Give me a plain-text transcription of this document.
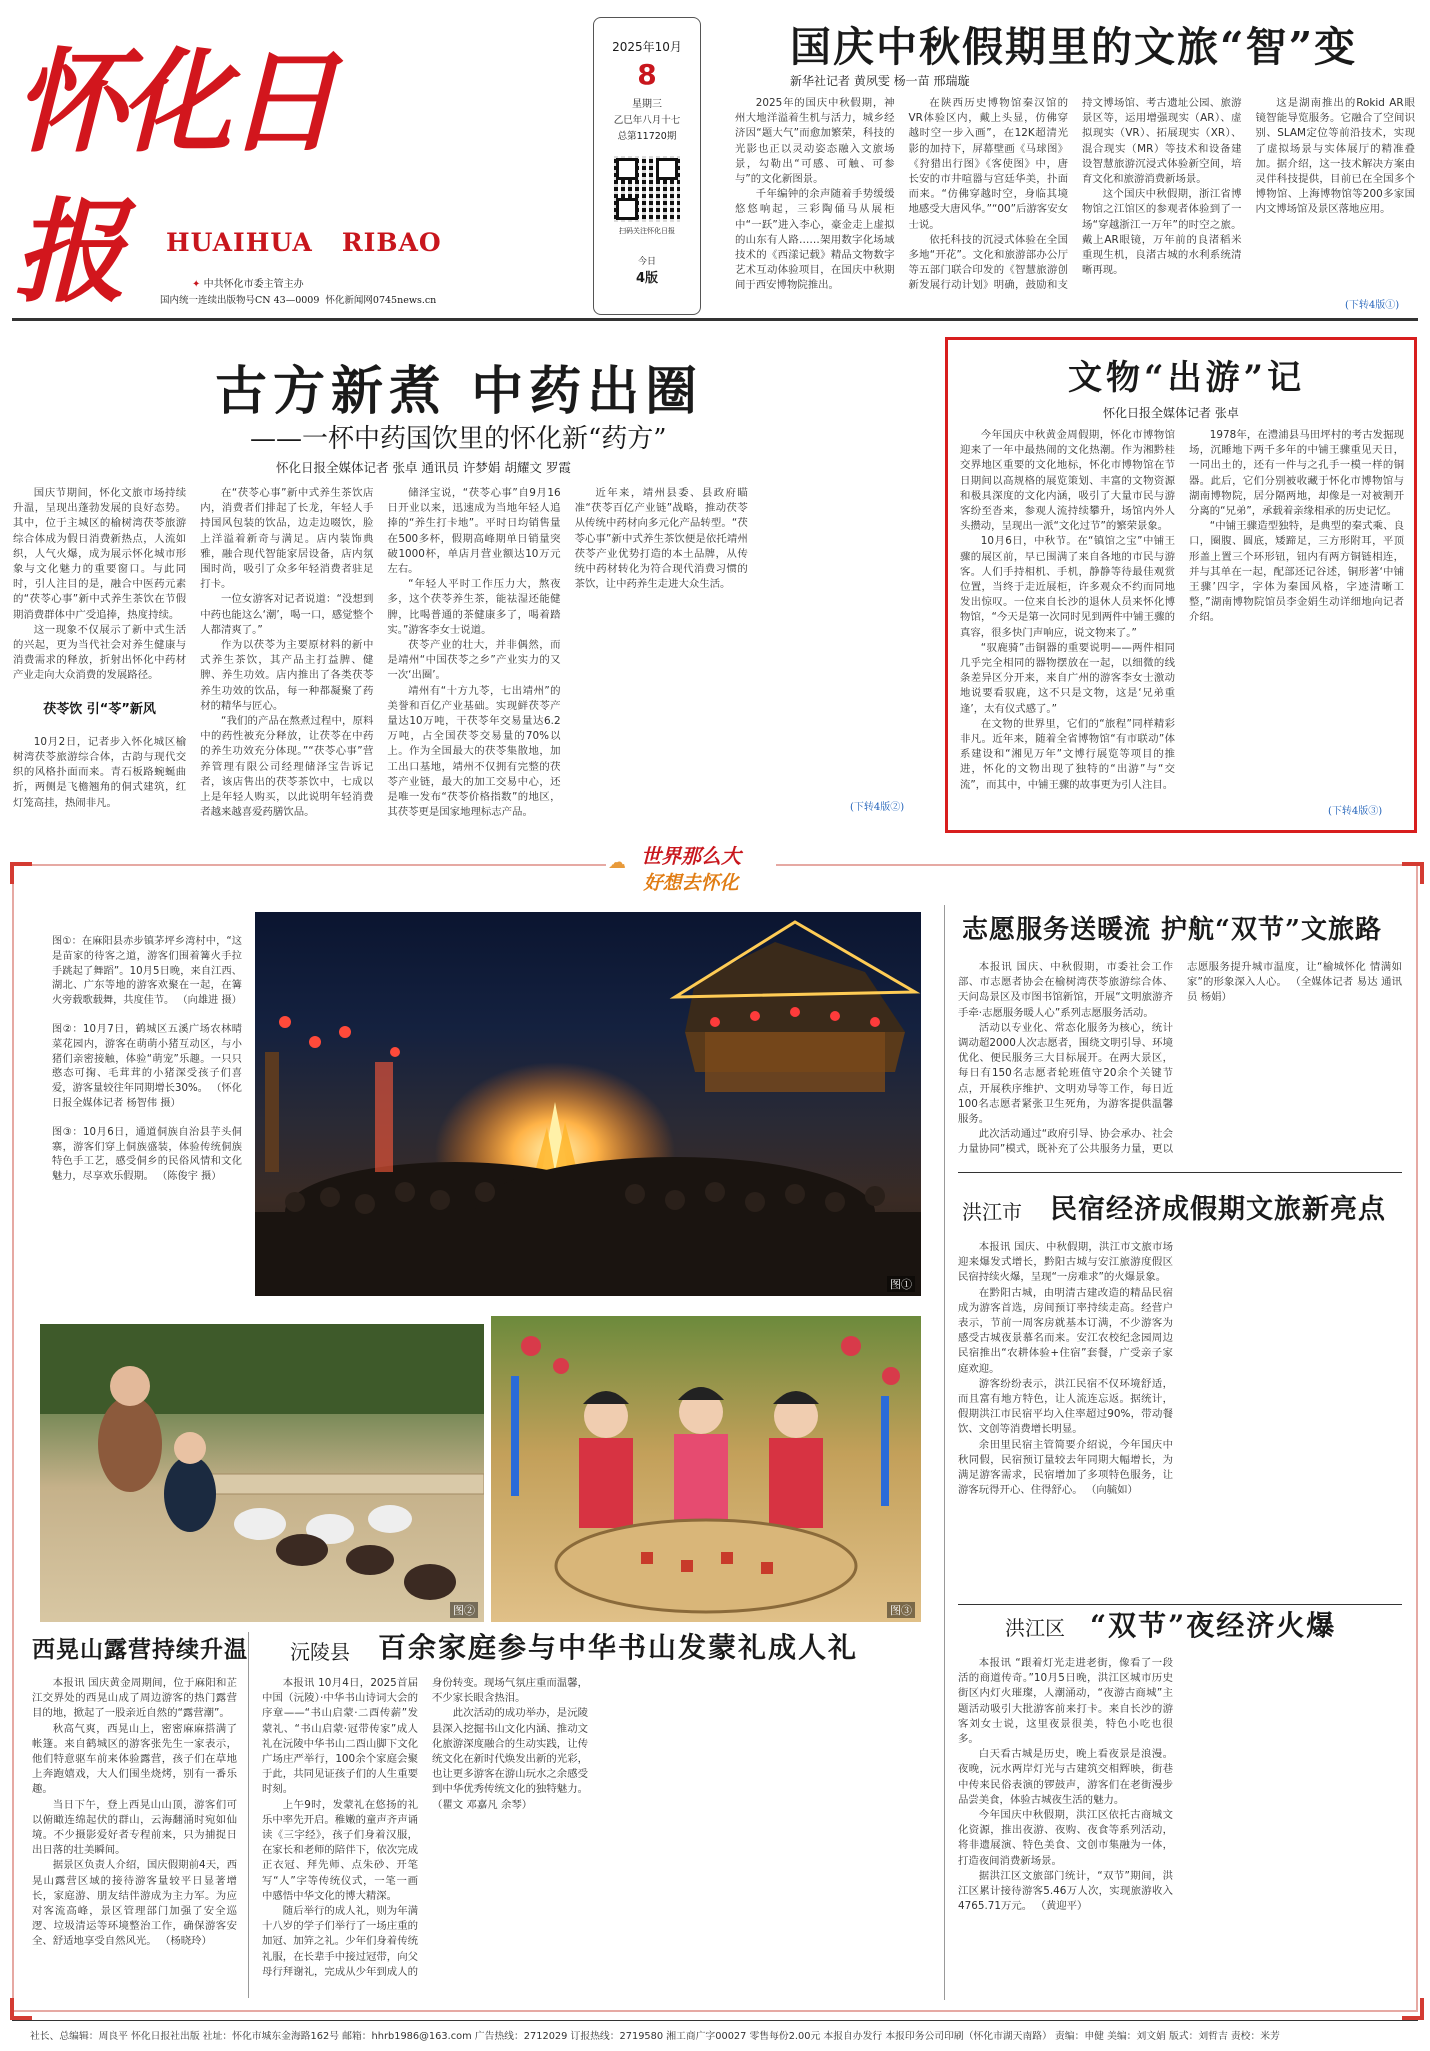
怀化日报	HUAIHUA   RIBAO
✦ 中共怀化市委主管主办
国内统一连续出版物号CN 43—0009 怀化新闻网0745news.cn
2025年10月
8
星期三
乙巳年八月十七
总第11720期
扫码关注怀化日报
今日
4版
国庆中秋假期里的文旅“智”变
新华社记者 黄夙雯 杨一苗 邢瑞璇

2025年的国庆中秋假期，神州大地洋溢着生机与活力，城乡经济因“题大气”而愈加繁荣，科技的光影也正以灵动姿态融入文旅场景，勾勒出“可感、可触、可参与”的文化新图景。

千年编钟的余声随着手势缓缓悠悠响起，三彩陶俑马从展柜中“一跃”进入李心，豪金走上虚拟的山东有人路……架用数字化场域技术的《西漾记载》精品文物数字艺术互动体验项目，在国庆中秋期间于西安博物院推出。

在陕西历史博物馆秦汉馆的VR体验区内，戴上头显，仿佛穿越时空一步入画”，在12K超清光影的加持下，屏幕壁画《马球图》《狩猎出行图》《客使图》中，唐长安的市井喧嚣与宫廷华美，扑面而来。“仿佛穿越时空，身临其境地感受大唐风华。”“00”后游客安女士说。

依托科技的沉浸式体验在全国多地“开花”。文化和旅游部办公厅等五部门联合印发的《智慧旅游创新发展行动计划》明确，鼓励和支持文博场馆、考古遗址公园、旅游景区等，运用增强现实（AR）、虚拟现实（VR）、拓展现实（XR）、混合现实（MR）等技术和设备建设智慧旅游沉浸式体验新空间，培育文化和旅游消费新场景。

这个国庆中秋假期，浙江省博物馆之江馆区的参观者体验到了一场“穿越浙江一万年”的时空之旅。戴上AR眼镜，万年前的良渚稻米重现生机，良渚古城的水利系统清晰再现。

这是湖南推出的Rokid AR眼镜智能导览服务。它融合了空间识别、SLAM定位等前沿技术，实现了虚拟场景与实体展厅的精准叠加。据介绍，这一技术解决方案由灵伴科技提供，目前已在全国多个博物馆、上海博物馆等200多家国内文博场馆及景区落地应用。

(下转4版①)
古方新煮 中药出圈
——一杯中药国饮里的怀化新“药方”
怀化日报全媒体记者 张卓 通讯员 许梦娟 胡耀文 罗霞

国庆节期间，怀化文旅市场持续升温，呈现出蓬勃发展的良好态势。其中，位于主城区的榆树湾茯苓旅游综合体成为假日消费新热点，人流如织，人气火爆，成为展示怀化城市形象与文化魅力的重要窗口。与此同时，引人注目的是，融合中医药元素的“茯苓心事”新中式养生茶饮在节假期消费群体中广受追捧，热度持续。

这一现象不仅展示了新中式生活的兴起，更为当代社会对养生健康与消费需求的释放，折射出怀化中药材产业走向大众消费的发展路径。

茯苓饮 引“苓”新风

10月2日，记者步入怀化城区榆树湾茯苓旅游综合体，古韵与现代交织的风格扑面而来。青石板路蜿蜒曲折，两侧是飞檐翘角的侗式建筑，红灯笼高挂，热闹非凡。

在“茯苓心事”新中式养生茶饮店内，消费者们排起了长龙，年轻人手持国风包装的饮品，边走边啜饮，脸上洋溢着新奇与满足。店内装饰典雅，融合现代智能家居设备，店内氛围时尚，吸引了众多年轻消费者驻足打卡。

一位女游客对记者说道：“没想到中药也能这么‘潮’，喝一口，感觉整个人都清爽了。”

作为以茯苓为主要原材料的新中式养生茶饮，其产品主打益脾、健脾、养生功效。店内推出了各类茯苓养生功效的饮品，每一种都凝聚了药材的精华与匠心。

“我们的产品在熬煮过程中，原料中的药性被充分释放，让茯苓在中药的养生功效充分体现。”“茯苓心事”营养管理有限公司经理储泽宝告诉记者，该店售出的茯苓茶饮中，七成以上是年轻人购买，以此说明年轻消费者越来越喜爱药膳饮品。

储泽宝说，“茯苓心事”自9月16日开业以来，迅速成为当地年轻人追捧的“养生打卡地”。平时日均销售量在500多杯，假期高峰期单日销量突破1000杯，单店月营业额达10万元左右。

“年轻人平时工作压力大，熬夜多，这个茯苓养生茶，能祛湿还能健脾，比喝普通的茶健康多了，喝着踏实。”游客李女士说道。

茯苓产业的壮大，并非偶然，而是靖州“中国茯苓之乡”产业实力的又一次‘出圈’。

靖州有“十方九苓，七出靖州”的美誉和百亿产业基础。实现鲜茯苓产量达10万吨，干茯苓年交易量达6.2万吨，占全国茯苓交易量的70%以上。作为全国最大的茯苓集散地，加工出口基地，靖州不仅拥有完整的茯苓产业链，最大的加工交易中心，还是唯一发布“茯苓价格指数”的地区，其茯苓更是国家地理标志产品。

近年来，靖州县委、县政府瞄准“茯苓百亿产业链”战略，推动茯苓从传统中药材向多元化产品转型。“茯苓心事”新中式养生茶饮便是依托靖州茯苓产业优势打造的本土品牌，从传统中药材转化为符合现代消费习惯的茶饮，让中药养生走进大众生活。

(下转4版②)
文物“出游”记
怀化日报全媒体记者 张卓

今年国庆中秋黄金周假期，怀化市博物馆迎来了一年中最热闹的文化热潮。作为湘黔桂交界地区重要的文化地标，怀化市博物馆在节日期间以高规格的展览策划、丰富的文物资源和极具深度的文化内涵，吸引了大量市民与游客纷至沓来，参观人流持续攀升，场馆内外人头攒动，呈现出一派“文化过节”的繁荣景象。

10月6日，中秋节。在“镇馆之宝”中铺王骤的展区前，早已围满了来自各地的市民与游客。人们手持相机、手机，静静等待最佳观赏位置，当终于走近展柜，许多观众不约而同地发出惊叹。一位来自长沙的退休人员来怀化博物馆，“今天是第一次同时见到两件中铺王骤的真容，很多快门声响应，说文物来了。”

“驭鹿骑”击铜器的重要说明——两件相同几乎完全相同的器物摆放在一起，以细微的线条差异区分开来，来自广州的游客李女士激动地说要看驭鹿，这不只是文物，这是‘兄弟重逢’，太有仪式感了。”

在文物的世界里，它们的“旅程”同样精彩非凡。近年来，随着全省博物馆“有市联动”体系建设和“湘见万年”文博行展览等项目的推进，怀化的文物出现了独特的“出游”与“交流”，而其中，中铺王骤的故事更为引人注目。

1978年，在澧浦县马田坪村的考古发掘现场，沉睡地下两千多年的中铺王骤重见天日，一同出土的，还有一件与之孔手一模一样的铜器。此后，它们分别被收藏于怀化市博物馆与湖南博物院，居分隔两地，却像是一对被割开分离的“兄弟”，承载着亲缘相承的历史记忆。

“中铺王骤造型独特，是典型的秦式乘、良口，圈腹、圆底，矮蹄足，三方形附耳，平顶形盖上置三个环形钮，钮内有两方铜链相连，并与其单在一起，配部还记谷述，铜形著‘中铺王骤’四字，字体为秦国风格，字迹清晰工整，”湖南博物院馆员李金娟生动详细地向记者介绍。

(下转4版③)
世界那么大
好想去怀化
☁

图①：在麻阳县赤步镇茅坪乡湾村中，“这是苗家的待客之道，游客们围着篝火手拉手跳起了舞蹈”。10月5日晚，来自江西、湖北、广东等地的游客欢聚在一起，在篝火旁载歌载舞，共度佳节。 （向雄进 摄）

图②：10月7日，鹤城区五溪广场农林晴菜花园内，游客在萌萌小猪互动区，与小猪们亲密接触，体验“萌宠”乐趣。一只只憨态可掬、毛茸茸的小猪深受孩子们喜爱，游客量较往年同期增长30%。 （怀化日报全媒体记者 杨智伟 摄）

图③：10月6日，通道侗族自治县芋头侗寨，游客们穿上侗族盛装，体验传统侗族特色手工艺，感受侗乡的民俗风情和文化魅力，尽享欢乐假期。 （陈俊宇 摄）

图①
图②	图③
志愿服务送暖流 护航“双节”文旅路

本报讯 国庆、中秋假期，市委社会工作部、市志愿者协会在榆树湾茯苓旅游综合体、天问岛景区及市图书馆新馆，开展“文明旅游齐手牵·志愿服务暖人心”系列志愿服务活动。

活动以专业化、常态化服务为核心，统计调动超2000人次志愿者，围绕文明引导、环境优化、便民服务三大目标展开。在两大景区，每日有150名志愿者轮班值守20余个关键节点，开展秩序维护、文明劝导等工作，每日近100名志愿者紧张卫生死角，为游客提供温馨服务。

此次活动通过“政府引导、协会承办、社会力量协同”模式，既补充了公共服务力量，更以志愿服务提升城市温度，让“榆城怀化 情满如家”的形象深入人心。 （全媒体记者 易达 通讯员 杨娟）

洪江市 民宿经济成假期文旅新亮点

本报讯 国庆、中秋假期，洪江市文旅市场迎来爆发式增长，黔阳古城与安江旅游度假区民宿持续火爆，呈现“一房难求”的火爆景象。

在黔阳古城，由明清古建改造的精品民宿成为游客首选，房间预订率持续走高。经营户表示，节前一周客房就基本订满，不少游客为感受古城夜景慕名而来。安江农校纪念园周边民宿推出“农耕体验+住宿”套餐，广受亲子家庭欢迎。

游客纷纷表示，洪江民宿不仅环境舒适，而且富有地方特色，让人流连忘返。据统计，假期洪江市民宿平均入住率超过90%，带动餐饮、文创等消费增长明显。

余田里民宿主管简要介绍说，今年国庆中秋同假，民宿预订量较去年同期大幅增长，为满足游客需求，民宿增加了多项特色服务，让游客玩得开心、住得舒心。 （向毓如）

洪江区 “双节”夜经济火爆

本报讯 “跟着灯光走进老街，像看了一段活的商道传奇。”10月5日晚，洪江区城市历史街区内灯火璀璨，人潮涌动，“夜游古商城”主题活动吸引大批游客前来打卡。来自长沙的游客刘女士说，这里夜景很美，特色小吃也很多。

白天看古城是历史，晚上看夜景是浪漫。夜晚，沅水两岸灯光与古建筑交相辉映，街巷中传来民俗表演的锣鼓声，游客们在老街漫步品尝美食，体验古城夜生活的魅力。

今年国庆中秋假期，洪江区依托古商城文化资源，推出夜游、夜购、夜食等系列活动，将非遗展演、特色美食、文创市集融为一体，打造夜间消费新场景。

据洪江区文旅部门统计，“双节”期间，洪江区累计接待游客5.46万人次，实现旅游收入4765.71万元。 （黄迎平）

西晃山露营持续升温

本报讯 国庆黄金周期间，位于麻阳和芷江交界处的西晃山成了周边游客的热门露营目的地，掀起了一股亲近自然的“露营潮”。

秋高气爽，西晃山上，密密麻麻搭满了帐篷。来自鹤城区的游客张先生一家表示，他们特意驱车前来体验露营，孩子们在草地上奔跑嬉戏，大人们围坐烧烤，别有一番乐趣。

当日下午，登上西晃山山顶，游客们可以俯瞰连绵起伏的群山，云海翻涌时宛如仙境。不少摄影爱好者专程前来，只为捕捉日出日落的壮美瞬间。

据景区负责人介绍，国庆假期前4天，西晃山露营区域的接待游客量较平日显著增长，家庭游、朋友结伴游成为主力军。为应对客流高峰，景区管理部门加强了安全巡逻、垃圾清运等环境整治工作，确保游客安全、舒适地享受自然风光。 （杨晓玲）

沅陵县 百余家庭参与中华书山发蒙礼成人礼

本报讯 10月4日，2025首届中国（沅陵）·中华书山诗词大会的序章——“书山启蒙·二酉传薪”发蒙礼、“书山启蒙·冠带传家”成人礼在沅陵中华书山二酉山脚下文化广场庄严举行，100余个家庭会聚于此，共同见证孩子们的人生重要时刻。

上午9时，发蒙礼在悠扬的礼乐中率先开启。稚嫩的童声齐声诵读《三字经》，孩子们身着汉服，在家长和老师的陪伴下，依次完成正衣冠、拜先师、点朱砂、开笔写“人”字等传统仪式，一笔一画中感悟中华文化的博大精深。

随后举行的成人礼，则为年满十八岁的学子们举行了一场庄重的加冠、加笄之礼。少年们身着传统礼服，在长辈手中接过冠带，向父母行拜谢礼，完成从少年到成人的身份转变。现场气氛庄重而温馨，不少家长眼含热泪。

此次活动的成功举办，是沅陵县深入挖掘书山文化内涵、推动文化旅游深度融合的生动实践，让传统文化在新时代焕发出新的光彩，也让更多游客在游山玩水之余感受到中华优秀传统文化的独特魅力。 （瞿文 邓嘉凡 余琴）

社长、总编辑：周良平 怀化日报社出版 社址：怀化市城东金海路162号 邮箱：hhrb1986@163.com 广告热线：2712029 订报热线：2719580 湘工商广字00027 零售每份2.00元 本报自办发行 本报印务公司印刷（怀化市湖天南路） 责编：申健 美编：刘文娟 版式：刘哲吉 责校：米芳
